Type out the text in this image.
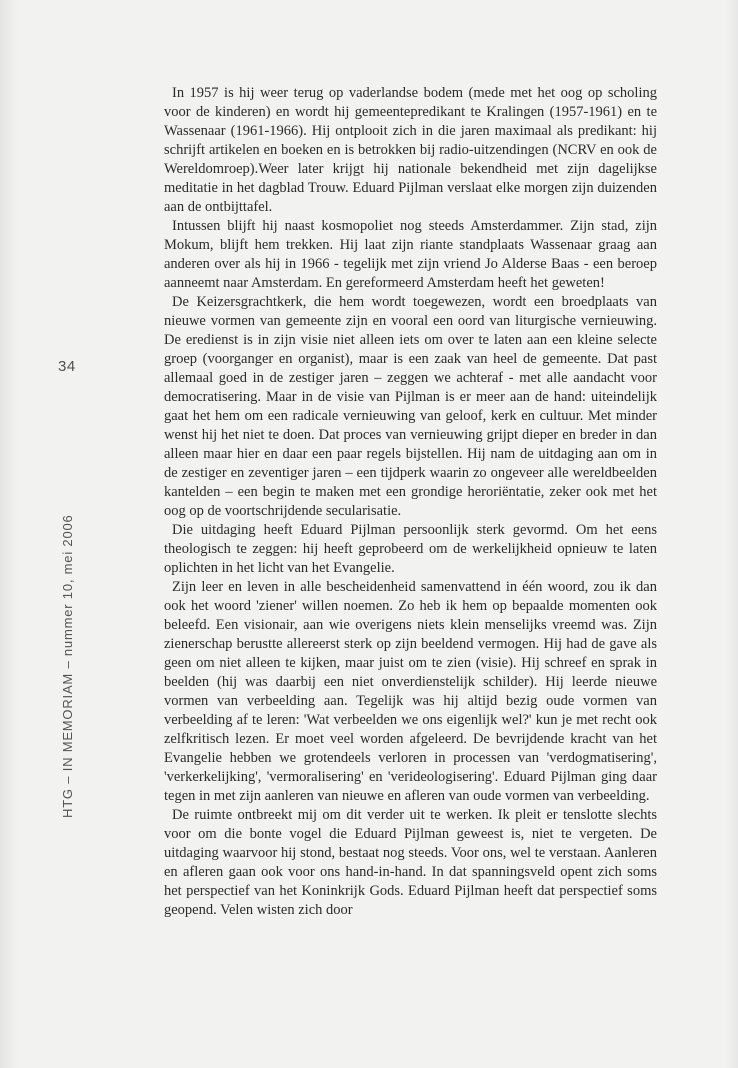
34
HTG – IN MEMORIAM – nummer 10, mei 2006

In 1957 is hij weer terug op vaderlandse bodem (mede met het oog op scholing voor de kinderen) en wordt hij gemeentepredikant te Kralingen (1957-1961) en te Wassenaar (1961-1966). Hij ontplooit zich in die jaren maximaal als predikant: hij schrijft artikelen en boeken en is betrokken bij radio-uitzendingen (NCRV en ook de Wereldomroep).Weer later krijgt hij nationale bekendheid met zijn dagelijkse meditatie in het dagblad Trouw. Eduard Pijlman verslaat elke morgen zijn duizenden aan de ontbijttafel.

Intussen blijft hij naast kosmopoliet nog steeds Amsterdammer. Zijn stad, zijn Mokum, blijft hem trekken. Hij laat zijn riante standplaats Wassenaar graag aan anderen over als hij in 1966 - tegelijk met zijn vriend Jo Alderse Baas - een beroep aanneemt naar Amsterdam. En gereformeerd Amsterdam heeft het geweten!

De Keizersgrachtkerk, die hem wordt toegewezen, wordt een broedplaats van nieuwe vormen van gemeente zijn en vooral een oord van liturgische vernieuwing. De eredienst is in zijn visie niet alleen iets om over te laten aan een kleine selecte groep (voorganger en organist), maar is een zaak van heel de gemeente. Dat past allemaal goed in de zestiger jaren – zeggen we achteraf - met alle aandacht voor democratisering. Maar in de visie van Pijlman is er meer aan de hand: uiteindelijk gaat het hem om een radicale vernieuwing van geloof, kerk en cultuur. Met minder wenst hij het niet te doen. Dat proces van vernieuwing grijpt dieper en breder in dan alleen maar hier en daar een paar regels bijstellen. Hij nam de uitdaging aan om in de zestiger en zeventiger jaren – een tijdperk waarin zo ongeveer alle wereldbeelden kantelden – een begin te maken met een grondige heroriëntatie, zeker ook met het oog op de voortschrijdende secularisatie.

Die uitdaging heeft Eduard Pijlman persoonlijk sterk gevormd. Om het eens theologisch te zeggen: hij heeft geprobeerd om de werkelijkheid opnieuw te laten oplichten in het licht van het Evangelie.

Zijn leer en leven in alle bescheidenheid samenvattend in één woord, zou ik dan ook het woord 'ziener' willen noemen. Zo heb ik hem op bepaalde momenten ook beleefd. Een visionair, aan wie overigens niets klein menselijks vreemd was. Zijn zienerschap berustte allereerst sterk op zijn beeldend vermogen. Hij had de gave als geen om niet alleen te kijken, maar juist om te zien (visie). Hij schreef en sprak in beelden (hij was daarbij een niet onverdienstelijk schilder). Hij leerde nieuwe vormen van verbeelding aan. Tegelijk was hij altijd bezig oude vormen van verbeelding af te leren: 'Wat verbeelden we ons eigenlijk wel?' kun je met recht ook zelfkritisch lezen. Er moet veel worden afgeleerd. De bevrijdende kracht van het Evangelie hebben we grotendeels verloren in processen van 'verdogmatisering', 'verkerkelijking', 'vermoralisering' en 'verideologisering'. Eduard Pijlman ging daar tegen in met zijn aanleren van nieuwe en afleren van oude vormen van verbeelding.

De ruimte ontbreekt mij om dit verder uit te werken. Ik pleit er tenslotte slechts voor om die bonte vogel die Eduard Pijlman geweest is, niet te vergeten. De uitdaging waarvoor hij stond, bestaat nog steeds. Voor ons, wel te verstaan. Aanleren en afleren gaan ook voor ons hand-in-hand. In dat spanningsveld opent zich soms het perspectief van het Koninkrijk Gods. Eduard Pijlman heeft dat perspectief soms geopend. Velen wisten zich door
